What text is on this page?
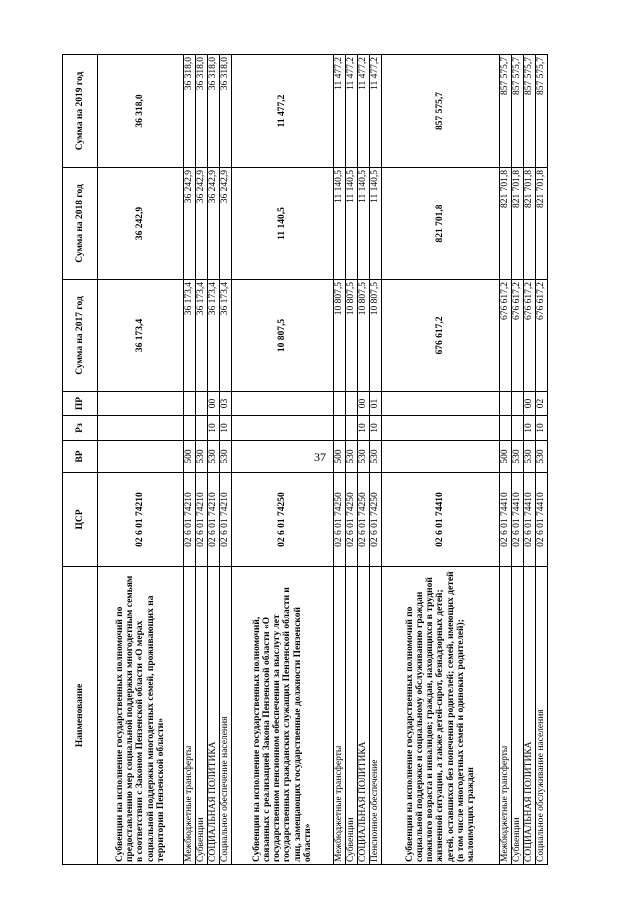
37
Наименование	ЦСР	ВР	Рз	ПР	Сумма на 2017 год	Сумма на 2018 год	Сумма на 2019 год
Субвенции на исполнение государственных полномочий по предоставлению мер социальной поддержки многодетным семьям в соответствии с Законом Пензенской области «О мерах социальной поддержки многодетных семей, проживающих на территории Пензенской области»	02 6 01 74210				36 173,4	36 242,9	36 318,0
Межбюджетные трансферты	02 6 01 74210	500			36 173,4	36 242,9	36 318,0
Субвенции	02 6 01 74210	530			36 173,4	36 242,9	36 318,0
СОЦИАЛЬНАЯ ПОЛИТИКА	02 6 01 74210	530	10	00	36 173,4	36 242,9	36 318,0
Социальное обеспечение населения	02 6 01 74210	530	10	03	36 173,4	36 242,9	36 318,0
Субвенции на исполнение государственных полномочий, связанных с реализацией Закона Пензенской области «О государственном пенсионном обеспечении за выслугу лет государственных гражданских служащих Пензенской области и лиц, замещающих государственные должности Пензенской области»	02 6 01 74250				10 807,5	11 140,5	11 477,2
Межбюджетные трансферты	02 6 01 74250	500			10 807,5	11 140,5	11 477,2
Субвенции	02 6 01 74250	530			10 807,5	11 140,5	11 477,2
СОЦИАЛЬНАЯ ПОЛИТИКА	02 6 01 74250	530	10	00	10 807,5	11 140,5	11 477,2
Пенсионное обеспечение	02 6 01 74250	530	10	01	10 807,5	11 140,5	11 477,2
Субвенции на исполнение государственных полномочий по социальной поддержке и социальному обслуживанию граждан пожилого возраста и инвалидов; граждан, находящихся в трудной жизненной ситуации, а также детей-сирот, безнадзорных детей; детей, оставшихся без попечения родителей; семей, имеющих детей (в том числе многодетных семей и одиноких родителей); малоимущих граждан	02 6 01 74410				676 617,2	821 701,8	857 575,7
Межбюджетные трансферты	02 6 01 74410	500			676 617,2	821 701,8	857 575,7
Субвенции	02 6 01 74410	530			676 617,2	821 701,8	857 575,7
СОЦИАЛЬНАЯ ПОЛИТИКА	02 6 01 74410	530	10	00	676 617,2	821 701,8	857 575,7
Социальное обслуживание населения	02 6 01 74410	530	10	02	676 617,2	821 701,8	857 575,7
